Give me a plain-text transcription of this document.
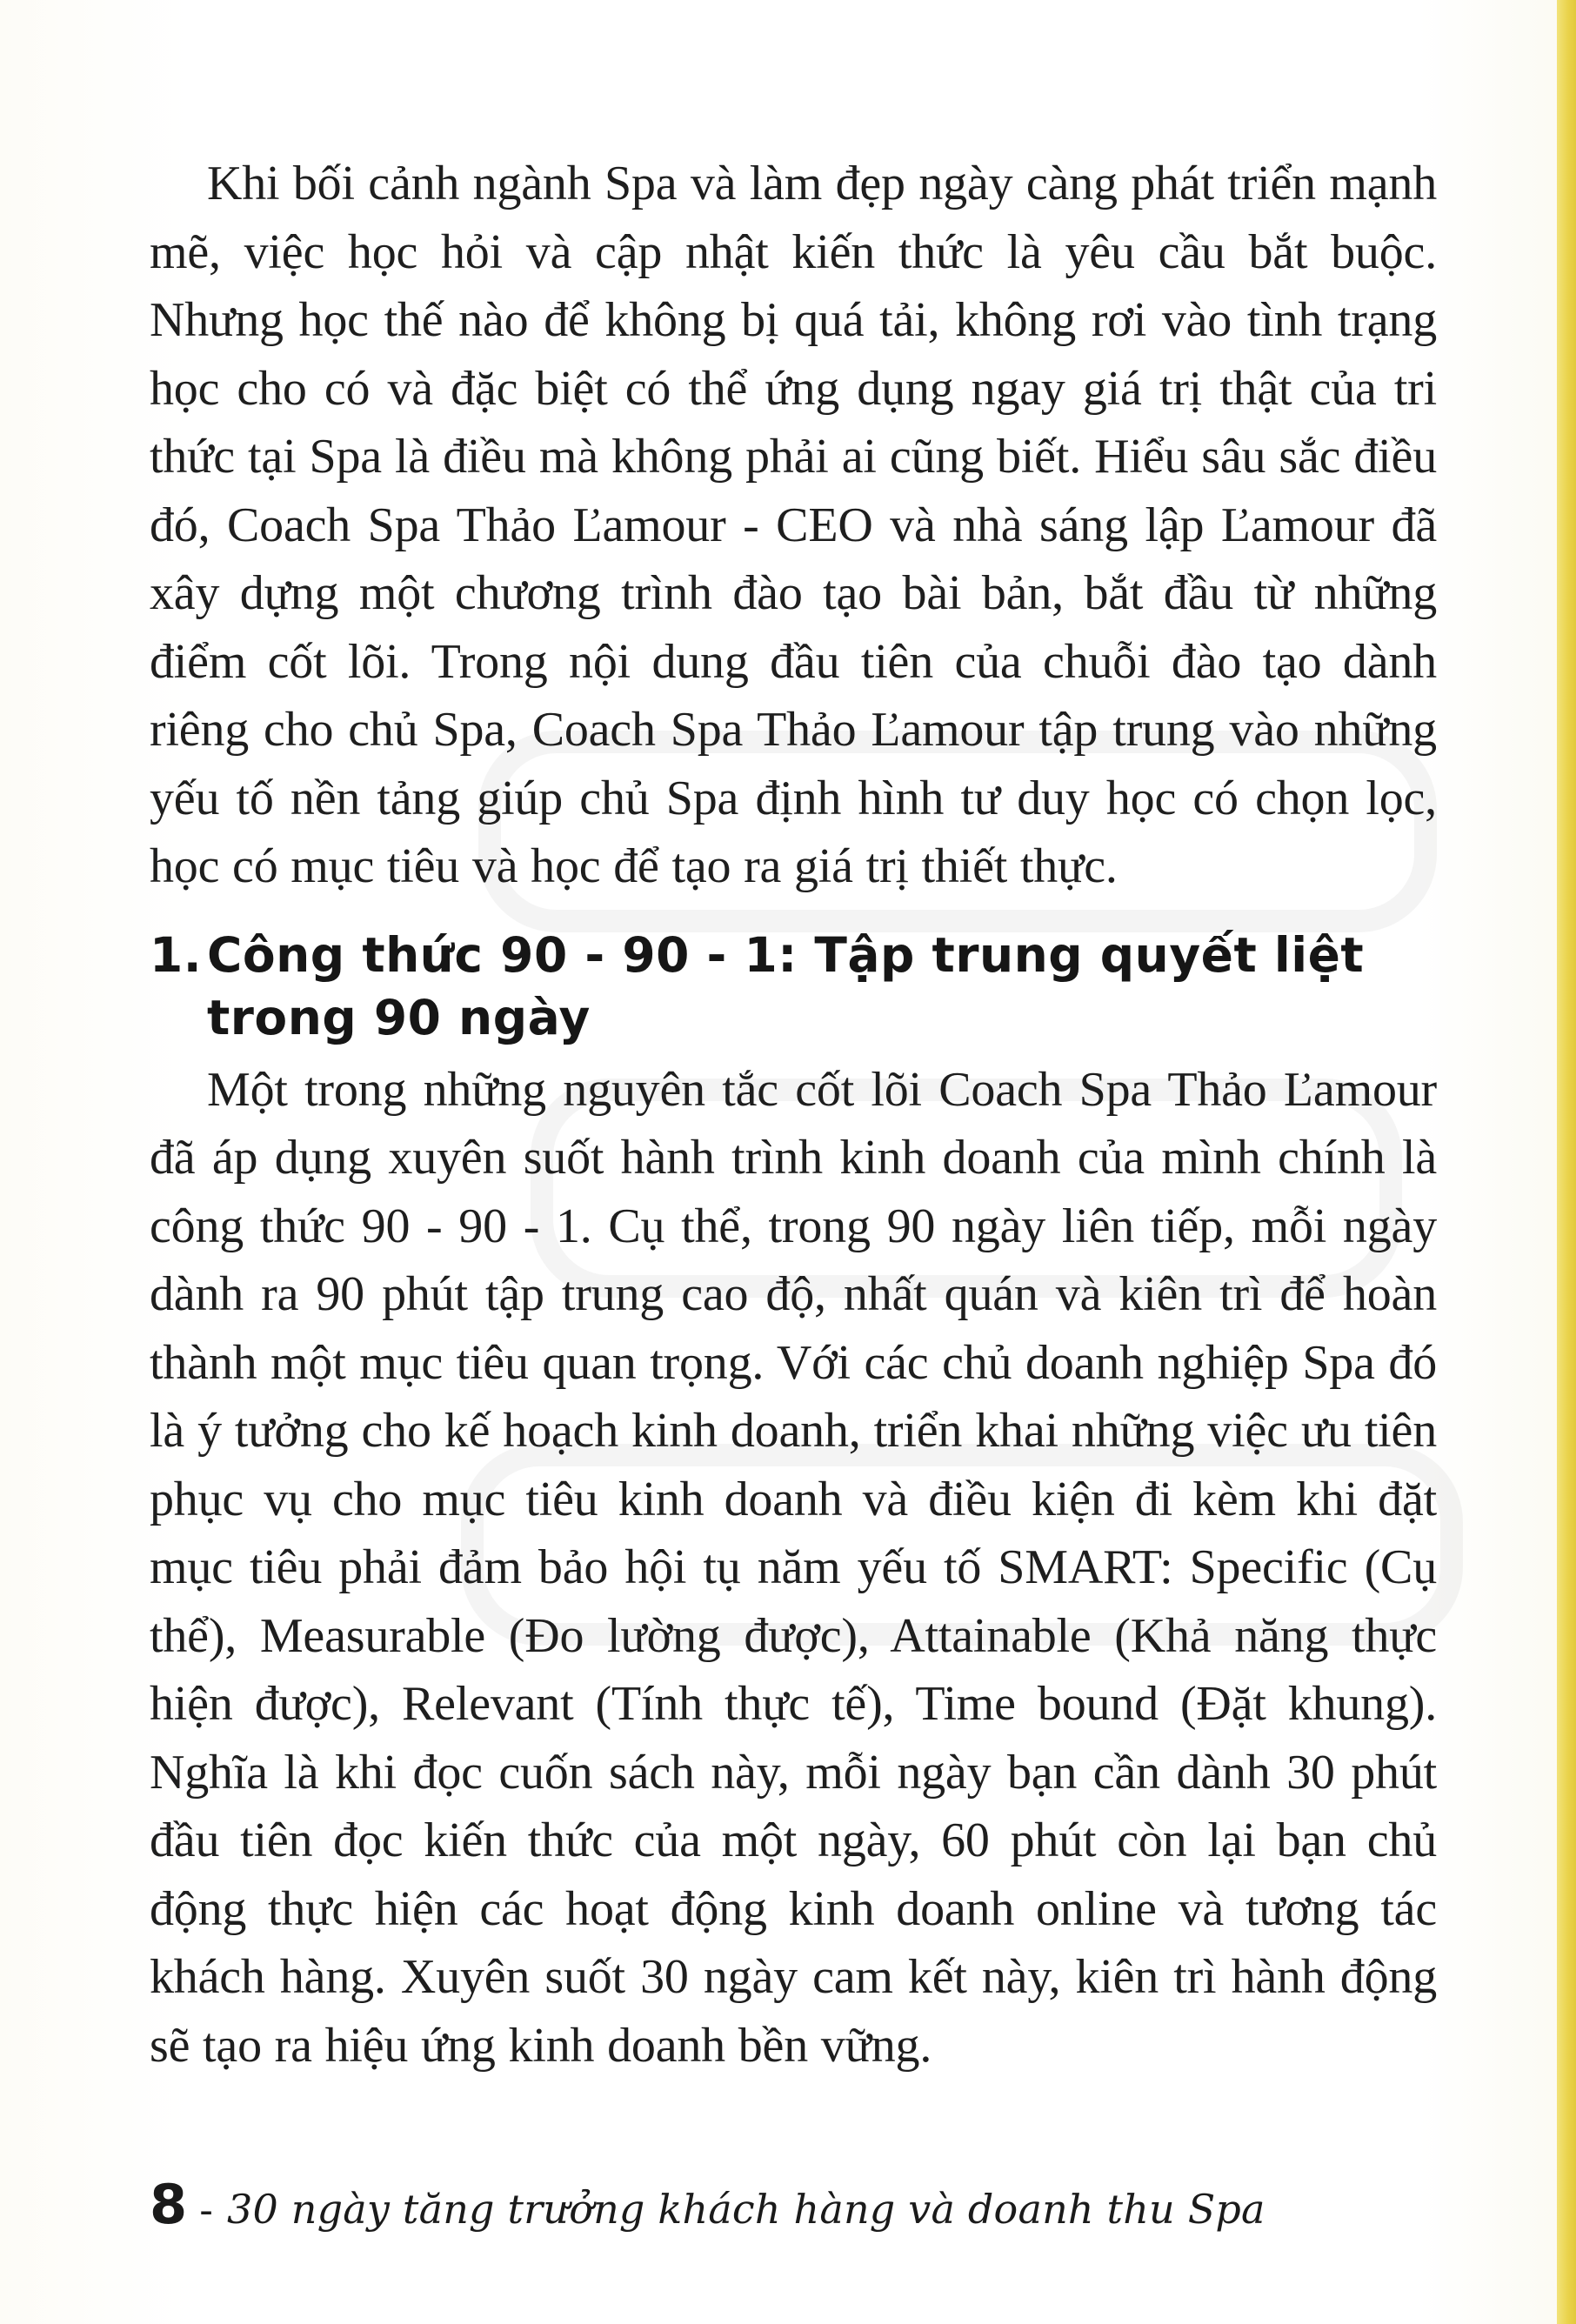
Khi bối cảnh ngành Spa và làm đẹp ngày càng phát triển mạnh mẽ, việc học hỏi và cập nhật kiến thức là yêu cầu bắt buộc. Nhưng học thế nào để không bị quá tải, không rơi vào tình trạng học cho có và đặc biệt có thể ứng dụng ngay giá trị thật của tri thức tại Spa là điều mà không phải ai cũng biết. Hiểu sâu sắc điều đó, Coach Spa Thảo Ľamour - CEO và nhà sáng lập Ľamour đã xây dựng một chương trình đào tạo bài bản, bắt đầu từ những điểm cốt lõi. Trong nội dung đầu tiên của chuỗi đào tạo dành riêng cho chủ Spa, Coach Spa Thảo Ľamour tập trung vào những yếu tố nền tảng giúp chủ Spa định hình tư duy học có chọn lọc, học có mục tiêu và học để tạo ra giá trị thiết thực.

1. Công thức 90 - 90 - 1: Tập trung quyết liệt trong 90 ngày

Một trong những nguyên tắc cốt lõi Coach Spa Thảo Ľamour đã áp dụng xuyên suốt hành trình kinh doanh của mình chính là công thức 90 - 90 - 1. Cụ thể, trong 90 ngày liên tiếp, mỗi ngày dành ra 90 phút tập trung cao độ, nhất quán và kiên trì để hoàn thành một mục tiêu quan trọng. Với các chủ doanh nghiệp Spa đó là ý tưởng cho kế hoạch kinh doanh, triển khai những việc ưu tiên phục vụ cho mục tiêu kinh doanh và điều kiện đi kèm khi đặt mục tiêu phải đảm bảo hội tụ năm yếu tố SMART: Specific (Cụ thể), Measurable (Đo lường được), Attainable (Khả năng thực hiện được), Relevant (Tính thực tế), Time bound (Đặt khung). Nghĩa là khi đọc cuốn sách này, mỗi ngày bạn cần dành 30 phút đầu tiên đọc kiến thức của một ngày, 60 phút còn lại bạn chủ động thực hiện các hoạt động kinh doanh online và tương tác khách hàng. Xuyên suốt 30 ngày cam kết này, kiên trì hành động sẽ tạo ra hiệu ứng kinh doanh bền vững.

8 - 30 ngày tăng trưởng khách hàng và doanh thu Spa
